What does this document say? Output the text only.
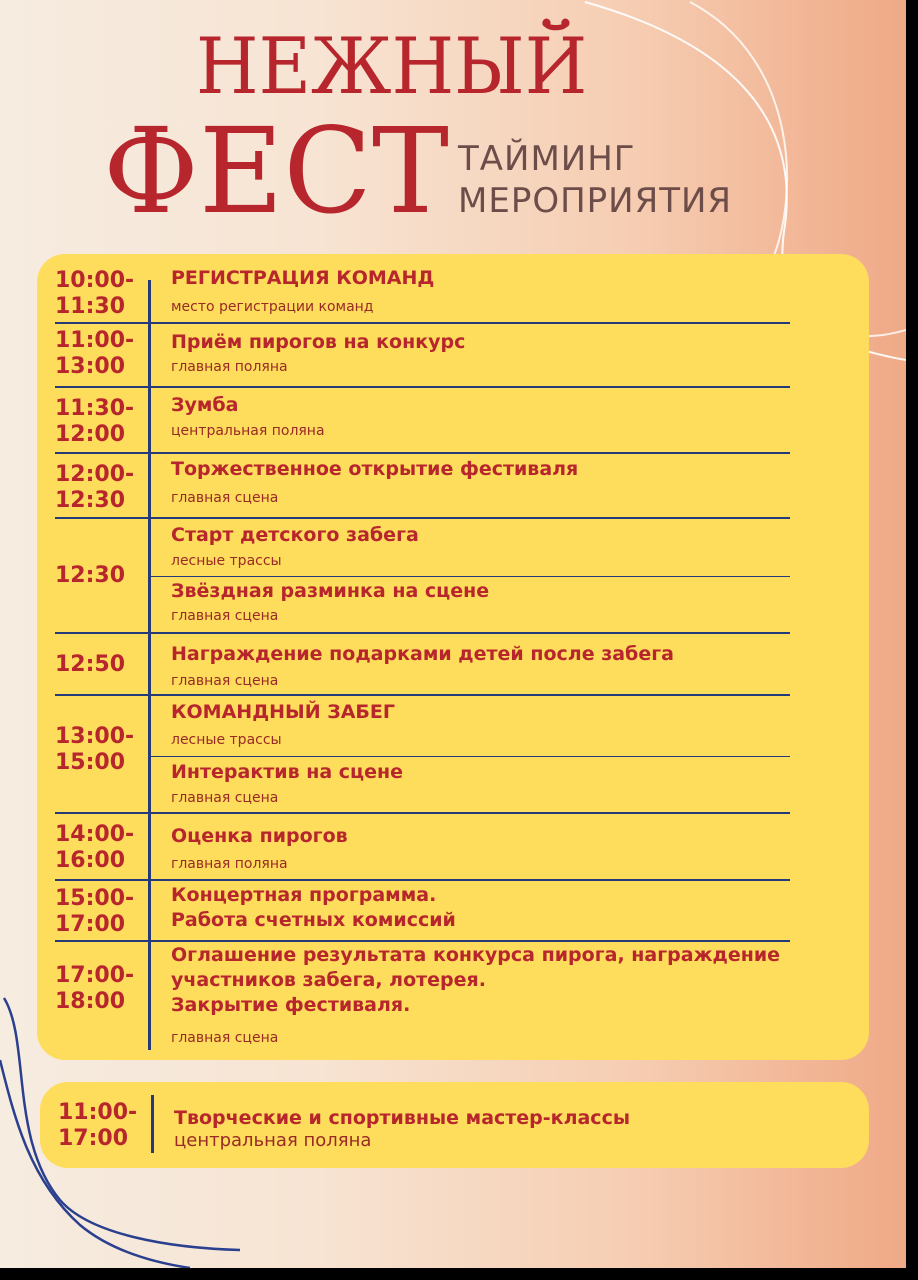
НЕЖНЫЙ
ФЕСТ ТАЙМИНГ
МЕРОПРИЯТИЯ
10:00-
11:30
РЕГИСТРАЦИЯ КОМАНД
место регистрации команд
11:00-
13:00
Приём пирогов на конкурс
главная поляна
11:30-
12:00
Зумба
центральная поляна
12:00-
12:30
Торжественное открытие фестиваля
главная сцена
12:30
Старт детского забега
лесные трассы
Звёздная разминка на сцене
главная сцена
12:50	Награждение подарками детей после забега
главная сцена
13:00-
15:00
КОМАНДНЫЙ ЗАБЕГ
лесные трассы
Интерактив на сцене
главная сцена
14:00-
16:00
Оценка пирогов
главная поляна
15:00-
17:00
Концертная программа.
Работа счетных комиссий
17:00-
18:00
Оглашение результата конкурса пирога, награждение
участников забега, лотерея.
Закрытие фестиваля.
главная сцена
11:00-
17:00
Творческие и спортивные мастер-классы
центральная поляна
